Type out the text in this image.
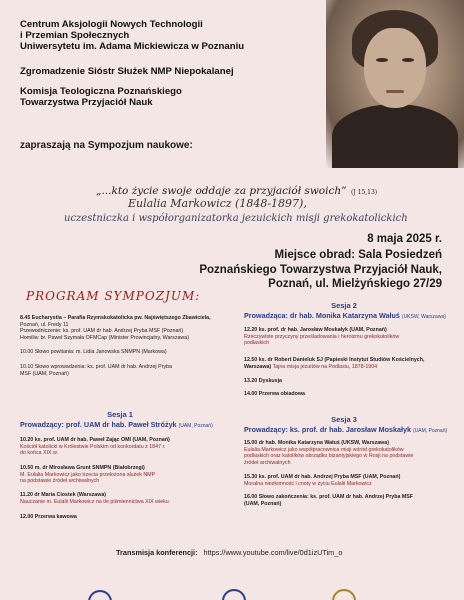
Centrum Aksjologii Nowych Technologii
i Przemian Społecznych
Uniwersytetu im. Adama Mickiewicza w Poznaniu
Zgromadzenie Sióstr Służek NMP Niepokalanej
Komisja Teologiczna Poznańskiego
Towarzystwa Przyjaciół Nauk
zapraszają na Sympozjum naukowe:
„...kto życie swoje oddaje za przyjaciół swoich” (J 15,13)
Eulalia Markowicz (1848-1897),
uczestniczka i współorganizatorka jezuickich misji grekokatolickich
8 maja 2025 r.
Miejsce obrad: Sala Posiedzeń
Poznańskiego Towarzystwa Przyjaciół Nauk,
Poznań, ul. Mielżyńskiego 27/29
PROGRAM SYMPOZJUM:
8.45 Eucharystia – Parafia Rzymskokatolicka pw. Najświętszego Zbawiciela,
Poznań, ul. Fredy 11
Przewodniczenie: ks. prof. UAM dr hab. Andrzej Pryba MSF (Poznań)
Homilia: br. Paweł Szymała OFMCap (Minister Prowincjalny, Warszawa)
10.00 Słowo powitania: m. Lidia Janowska SNMPN (Markowa)
10.10 Słowo wprowadzenia: ks. prof. UAM dr hab. Andrzej Pryba
MSF (UAM, Poznań)
Sesja 2
Prowadząca: dr hab. Monika Katarzyna Wałuś (UKSW, Warszawa)
12.20 ks. prof. dr hab. Jarosław Moskałyk (UAM, Poznań)
Rzeczywiste przyczyny prześladowania i heroizmu grekokatolików
podlaskich
12.50 ks. dr Robert Danieluk SJ (Papieski Instytut Studiów Kościelnych,
Warszawa) Tajna misja jezuitów na Podlasiu, 1878-1904
13.20 Dyskusja
14.00 Przerwa obiadowa
Sesja 1
Prowadzący: prof. UAM dr hab. Paweł Stróżyk (UAM, Poznań)
10.20 ks. prof. UAM dr hab. Paweł Zając OMI (UAM, Poznań)
Kościół katolicki w Królestwie Polskim od konkordatu z 1847 r.
do końca XIX w.
10.50 m. dr Mirosława Grunt SNMPN (Białobrzegi)
M. Eulalia Markowicz jako trzecia przełożona służek NMP
na podstawie źródeł archiwalnych
11.20 dr Maria Ciostek (Warszawa)
Nauczanie m. Eulalii Markowicz na tle piśmiennictwa XIX wieku
12.00 Przerwa kawowa
Sesja 3
Prowadzący: ks. prof. dr hab. Jarosław Moskałyk (UAM, Poznań)
15.00 dr hab. Monika Katarzyna Wałuś (UKSW, Warszawa)
Eulalia Markowicz jako współpracownica misji wśród grekokatolików
podlaskich oraz katolików obrządku bizantyjskiego w Rosji na podstawie
źródeł archiwalnych
15.30 ks. prof. UAM dr hab. Andrzej Pryba MSF (UAM, Poznań)
Moralna niezłomność i cnoty w życiu Eulalii Markowicz
16.00 Słowo zakończenia: ks. prof. UAM dr hab. Andrzej Pryba MSF
(UAM, Poznań)
Transmisja konferencji: https://www.youtube.com/live/0d1izUTim_o
